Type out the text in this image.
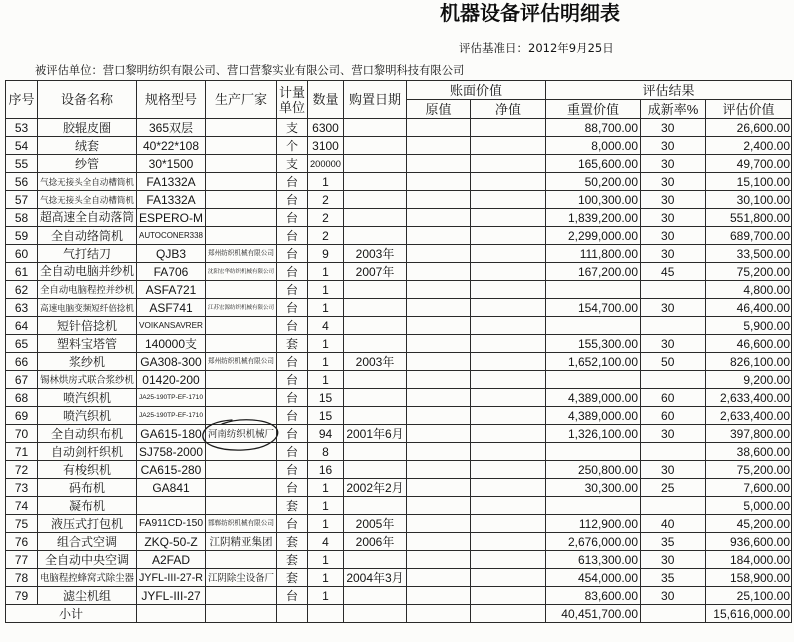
机器设备评估明细表
评估基准日：2012年9月25日
被评估单位：营口黎明纺织有限公司、营口营黎实业有限公司、营口黎明科技有限公司
序号	设备名称	规格型号	生产厂家	计量单位	数量	购置日期	账面价值		评估结果		
							原值	净值	重置价值	成新率%	评估价值
53	胶辊皮圈	365双层		支	6300				88,700.00	30	26,600.00
54	绒套	40*22*108		个	3100				8,000.00	30	2,400.00
55	纱管	30*1500		支	200000				165,600.00	30	49,700.00
56	气捻无接头全自动槽筒机	FA1332A		台	1				50,200.00	30	15,100.00
57	气捻无接头全自动槽筒机	FA1332A		台	2				100,300.00	30	30,100.00
58	超高速全自动落筒	ESPERO-M		台	2				1,839,200.00	30	551,800.00
59	全自动络筒机	AUTOCONER338		台	2				2,299,000.00	30	689,700.00
60	气打结刀	QJB3	郑州纺织机械有限公司	台	9	2003年			111,800.00	30	33,500.00
61	全自动电脑并纱机	FA706	沈阳宏华纺织机械有限公司	台	1	2007年			167,200.00	45	75,200.00
62	全自动电脑程控并纱机	ASFA721		台	1						4,800.00
63	高速电脑变频短纤倍捻机	ASF741	江苏宏源纺织机械有限公司	台	1				154,700.00	30	46,400.00
64	短针倍捻机	VOIKANSAVRER		台	4						5,900.00
65	塑料宝塔管	140000支		套	1				155,300.00	30	46,600.00
66	浆纱机	GA308-300	郑州纺织机械有限公司	台	1	2003年			1,652,100.00	50	826,100.00
67	锡林烘房式联合浆纱机	01420-200		台	1						9,200.00
68	喷汽织机	JA25-190TP-EF-1710		台	15				4,389,000.00	60	2,633,400.00
69	喷汽织机	JA25-190TP-EF-1710		台	15				4,389,000.00	60	2,633,400.00
70	全自动织布机	GA615-180	河南纺织机械厂	台	94	2001年6月			1,326,100.00	30	397,800.00
71	自动剑杆织机	SJ758-2000		台	8						38,600.00
72	有梭织机	CA615-280		台	16				250,800.00	30	75,200.00
73	码布机	GA841		台	1	2002年2月			30,300.00	25	7,600.00
74	凝布机			套	1						5,000.00
75	液压式打包机	FA911CD-150	邯郸纺织机械有限公司	台	1	2005年			112,900.00	40	45,200.00
76	组合式空调	ZKQ-50-Z	江阴精亚集团	套	4	2006年			2,676,000.00	35	936,600.00
77	全自动中央空调	A2FAD		套	1				613,300.00	30	184,000.00
78	电脑程控蜂窝式除尘器	JYFL-III-27-R	江阴除尘设备厂	套	1	2004年3月			454,000.00	35	158,900.00
79	滤尘机组	JYFL-III-27		台	1				83,600.00	30	25,100.00
小计									40,451,700.00		15,616,000.00
